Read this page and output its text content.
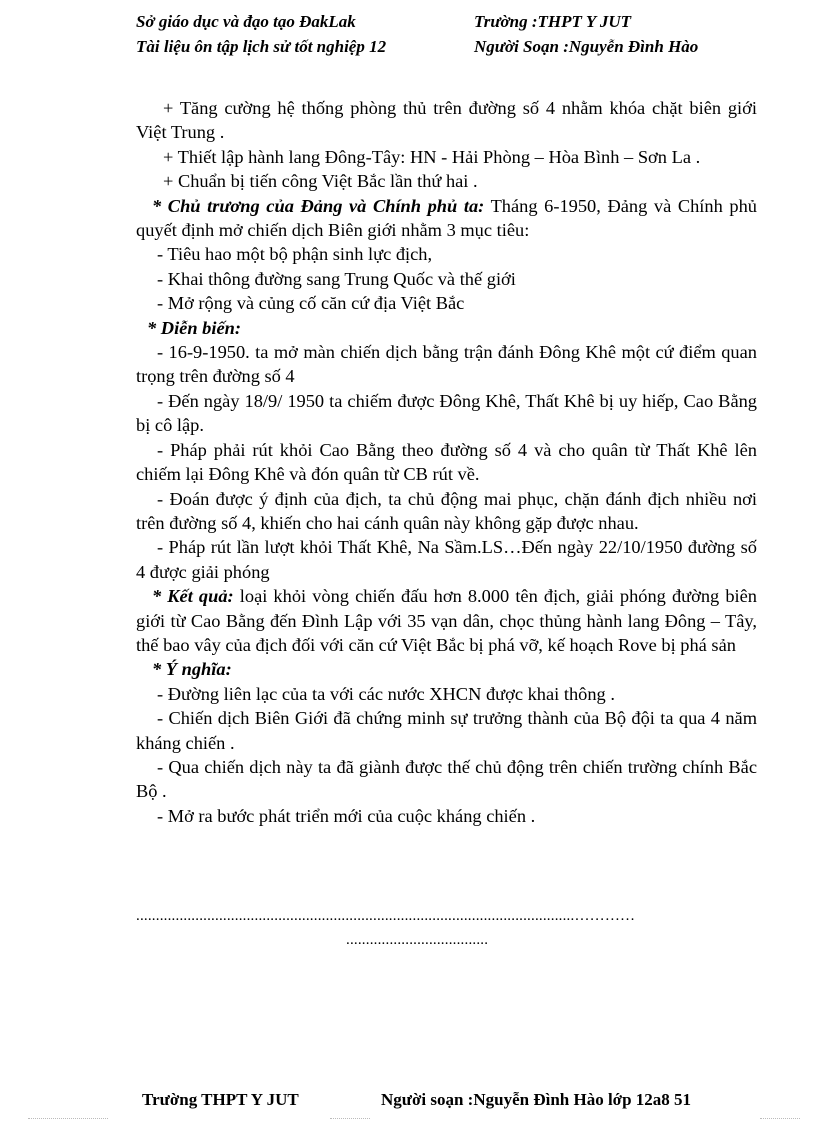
Sở giáo dục và đạo tạo ĐakLak	Trường :THPT Y JUT
Tài liệu ôn tập lịch sử tốt nghiệp 12	Người Soạn :Nguyễn Đình Hào

+ Tăng cường hệ thống phòng thủ trên đường số 4 nhằm khóa chặt biên giới Việt Trung .

+ Thiết lập hành lang Đông-Tây: HN - Hải Phòng – Hòa Bình – Sơn La .

+ Chuẩn bị tiến công Việt Bắc lần thứ hai .

* Chủ trương của Đảng và Chính phủ ta: Tháng 6-1950, Đảng và Chính phủ quyết định mở chiến dịch Biên giới nhằm 3 mục tiêu:

- Tiêu hao một bộ phận sinh lực địch,

- Khai thông đường sang Trung Quốc và thế giới

- Mở rộng và củng cố căn cứ địa Việt Bắc

* Diễn biến:

- 16-9-1950. ta mở màn chiến dịch bằng trận đánh Đông Khê một cứ điểm quan trọng trên đường số 4

- Đến ngày 18/9/ 1950 ta chiếm được Đông Khê, Thất Khê bị uy hiếp, Cao Bằng bị cô lập.

- Pháp phải rút khỏi Cao Bằng theo đường số 4 và cho quân từ Thất Khê lên chiếm lại Đông Khê và đón quân từ CB rút về.

- Đoán được ý định của địch, ta chủ động mai phục, chặn đánh địch nhiều nơi trên đường số 4, khiến cho hai cánh quân này không gặp được nhau.

- Pháp rút lần lượt khỏi Thất Khê, Na Sầm.LS…Đến ngày 22/10/1950 đường số 4 được giải phóng

* Kết quả: loại khỏi vòng chiến đấu hơn 8.000 tên địch, giải phóng đường biên giới từ Cao Bằng đến Đình Lập với 35 vạn dân, chọc thủng hành lang Đông – Tây, thế bao vây của địch đối với căn cứ Việt Bắc bị phá vỡ, kế hoạch Rove bị phá sản

* Ý nghĩa:

- Đường liên lạc của ta với các nước XHCN được khai thông .

- Chiến dịch Biên Giới đã chứng minh sự trưởng thành của Bộ đội ta qua 4 năm kháng chiến .

- Qua chiến dịch này ta đã giành được thế chủ động trên chiến trường chính Bắc Bộ .

- Mở ra bước phát triển mới của cuộc kháng chiến .

...............................................................................................................…………
....................................
Trường THPT Y JUT	Người soạn :Nguyễn Đình Hào lớp 12a8 51
